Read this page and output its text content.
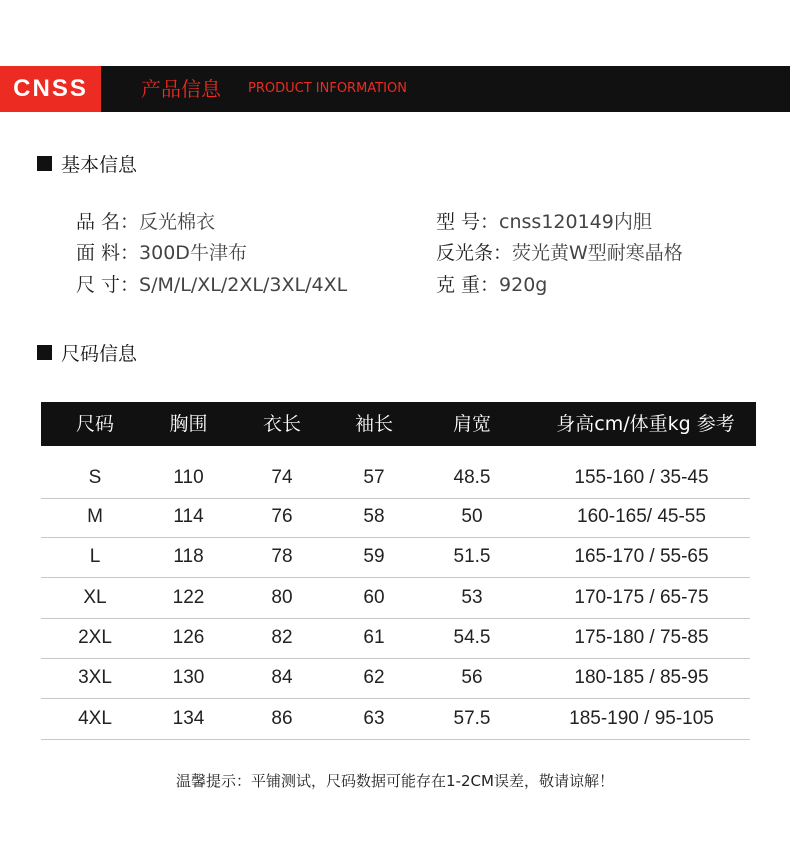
CNSS	产品信息 PRODUCT INFORMATION
基本信息
品 名：反光棉衣	型 号：cnss120149内胆
面 料：300D牛津布	反光条：荧光黄W型耐寒晶格
尺 寸：S/M/L/XL/2XL/3XL/4XL	克 重：920g
尺码信息
尺码	胸围	衣长	袖长	肩宽	身高cm/体重kg 参考
S	110	74	57	48.5	155-160 / 35-45
M	114	76	58	50	160-165/ 45-55
L	118	78	59	51.5	165-170 / 55-65
XL	122	80	60	53	170-175 / 65-75
2XL	126	82	61	54.5	175-180 / 75-85
3XL	130	84	62	56	180-185 / 85-95
4XL	134	86	63	57.5	185-190 / 95-105
温馨提示：平铺测试，尺码数据可能存在1-2CM误差，敬请谅解！
